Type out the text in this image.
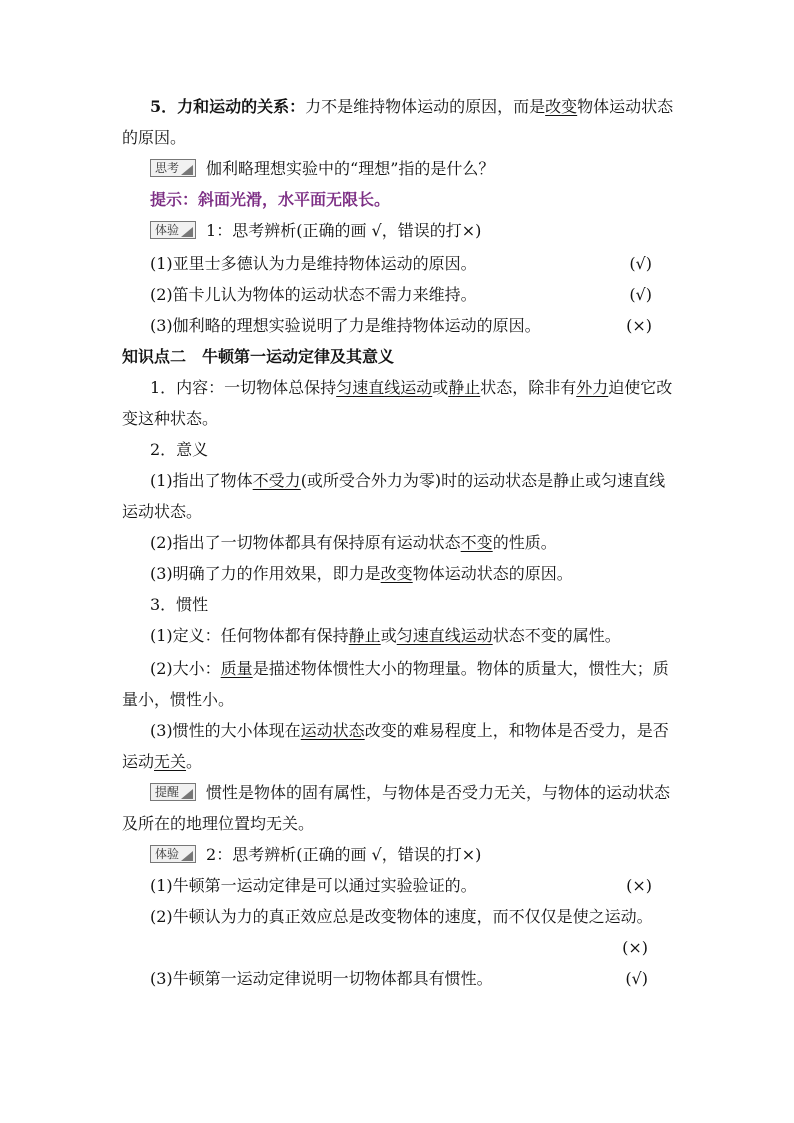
5．力和运动的关系：力不是维持物体运动的原因，而是改变物体运动状态
的原因。
思考 伽利略理想实验中的“理想”指的是什么？
提示：斜面光滑，水平面无限长。
体验 1：思考辨析(正确的画 √，错误的打×)
(1)亚里士多德认为力是维持物体运动的原因。	(√)
(2)笛卡儿认为物体的运动状态不需力来维持。	(√)
(3)伽利略的理想实验说明了力是维持物体运动的原因。	(×)
知识点二　牛顿第一运动定律及其意义
1．内容：一切物体总保持匀速直线运动或静止状态，除非有外力迫使它改
变这种状态。
2．意义
(1)指出了物体不受力(或所受合外力为零)时的运动状态是静止或匀速直线
运动状态。
(2)指出了一切物体都具有保持原有运动状态不变的性质。
(3)明确了力的作用效果，即力是改变物体运动状态的原因。
3．惯性
(1)定义：任何物体都有保持静止或匀速直线运动状态不变的属性。
(2)大小：质量是描述物体惯性大小的物理量。物体的质量大，惯性大；质
量小，惯性小。
(3)惯性的大小体现在运动状态改变的难易程度上，和物体是否受力，是否
运动无关。
提醒 惯性是物体的固有属性，与物体是否受力无关，与物体的运动状态
及所在的地理位置均无关。
体验 2：思考辨析(正确的画 √，错误的打×)
(1)牛顿第一运动定律是可以通过实验验证的。	(×)
(2)牛顿认为力的真正效应总是改变物体的速度，而不仅仅是使之运动。
(×)
(3)牛顿第一运动定律说明一切物体都具有惯性。	(√)
